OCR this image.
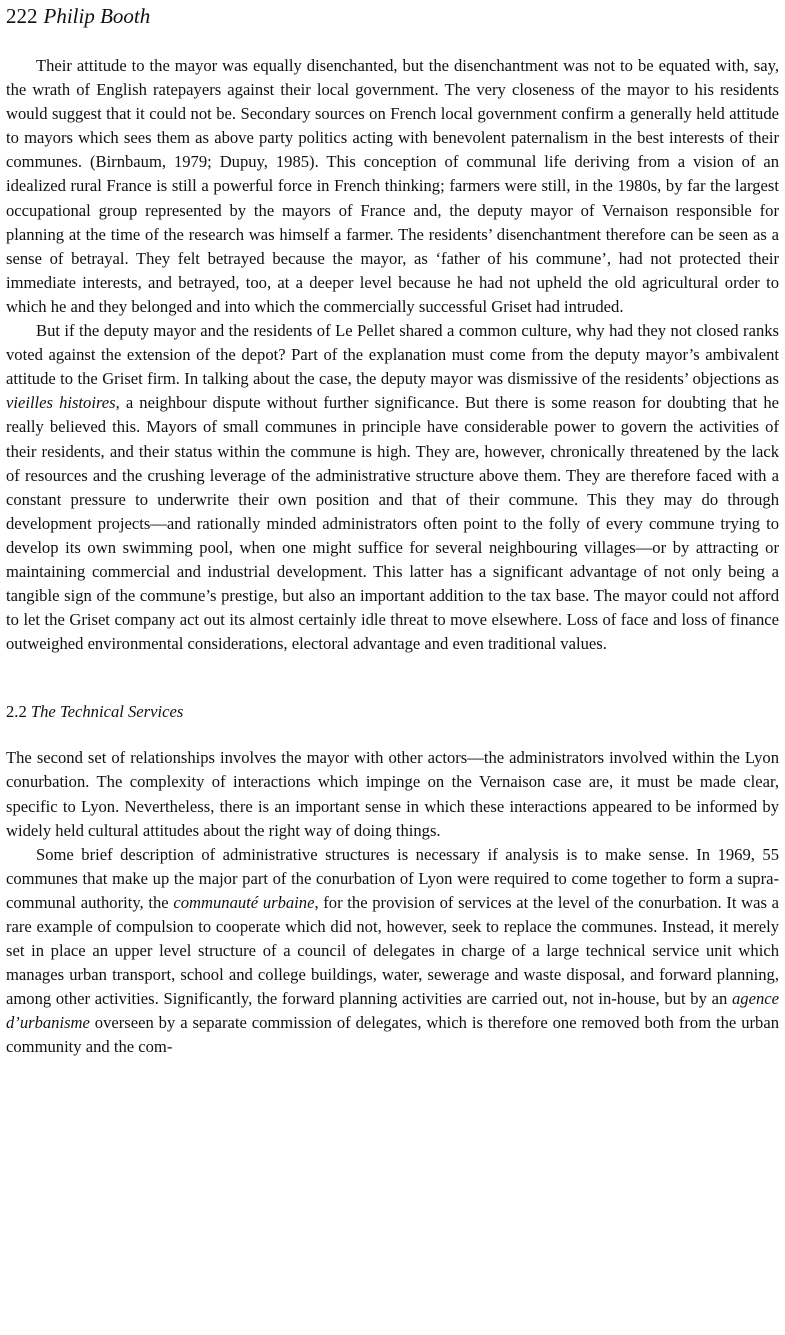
222 Philip Booth

Their attitude to the mayor was equally disenchanted, but the disenchantment was not to be equated with, say, the wrath of English ratepayers against their local government. The very closeness of the mayor to his residents would suggest that it could not be. Secondary sources on French local government confirm a generally held attitude to mayors which sees them as above party politics acting with benevolent paternalism in the best interests of their communes. (Birnbaum, 1979; Dupuy, 1985). This conception of communal life deriving from a vision of an idealized rural France is still a powerful force in French thinking; farmers were still, in the 1980s, by far the largest occupational group represented by the mayors of France and, the deputy mayor of Vernaison responsible for planning at the time of the research was himself a farmer. The residents’ disenchantment therefore can be seen as a sense of betrayal. They felt betrayed because the mayor, as ‘father of his commune’, had not protected their immediate interests, and betrayed, too, at a deeper level because he had not upheld the old agricultural order to which he and they belonged and into which the commercially successful Griset had intruded.

But if the deputy mayor and the residents of Le Pellet shared a common culture, why had they not closed ranks voted against the extension of the depot? Part of the explanation must come from the deputy mayor’s ambivalent attitude to the Griset firm. In talking about the case, the deputy mayor was dismissive of the residents’ objections as vieilles histoires, a neighbour dispute without further significance. But there is some reason for doubting that he really believed this. Mayors of small communes in principle have considerable power to govern the activities of their residents, and their status within the commune is high. They are, however, chronically threatened by the lack of resources and the crushing leverage of the administrative structure above them. They are therefore faced with a constant pressure to underwrite their own position and that of their commune. This they may do through development projects—and rationally minded administrators often point to the folly of every commune trying to develop its own swimming pool, when one might suffice for several neighbouring villages—or by attracting or maintaining commercial and industrial development. This latter has a significant advantage of not only being a tangible sign of the commune’s prestige, but also an important addition to the tax base. The mayor could not afford to let the Griset company act out its almost certainly idle threat to move elsewhere. Loss of face and loss of finance outweighed environmental considerations, electoral advantage and even traditional values.

2.2 The Technical Services

The second set of relationships involves the mayor with other actors—the administrators involved within the Lyon conurbation. The complexity of interactions which impinge on the Vernaison case are, it must be made clear, specific to Lyon. Nevertheless, there is an important sense in which these interactions appeared to be informed by widely held cultural attitudes about the right way of doing things.

Some brief description of administrative structures is necessary if analysis is to make sense. In 1969, 55 communes that make up the major part of the conurbation of Lyon were required to come together to form a supra-communal authority, the communauté urbaine, for the provision of services at the level of the conurbation. It was a rare example of compulsion to cooperate which did not, however, seek to replace the communes. Instead, it merely set in place an upper level structure of a council of delegates in charge of a large technical service unit which manages urban transport, school and college buildings, water, sewerage and waste disposal, and forward planning, among other activities. Significantly, the forward planning activities are carried out, not in-house, but by an agence d’urbanisme overseen by a separate commission of delegates, which is therefore one removed both from the urban community and the com-
